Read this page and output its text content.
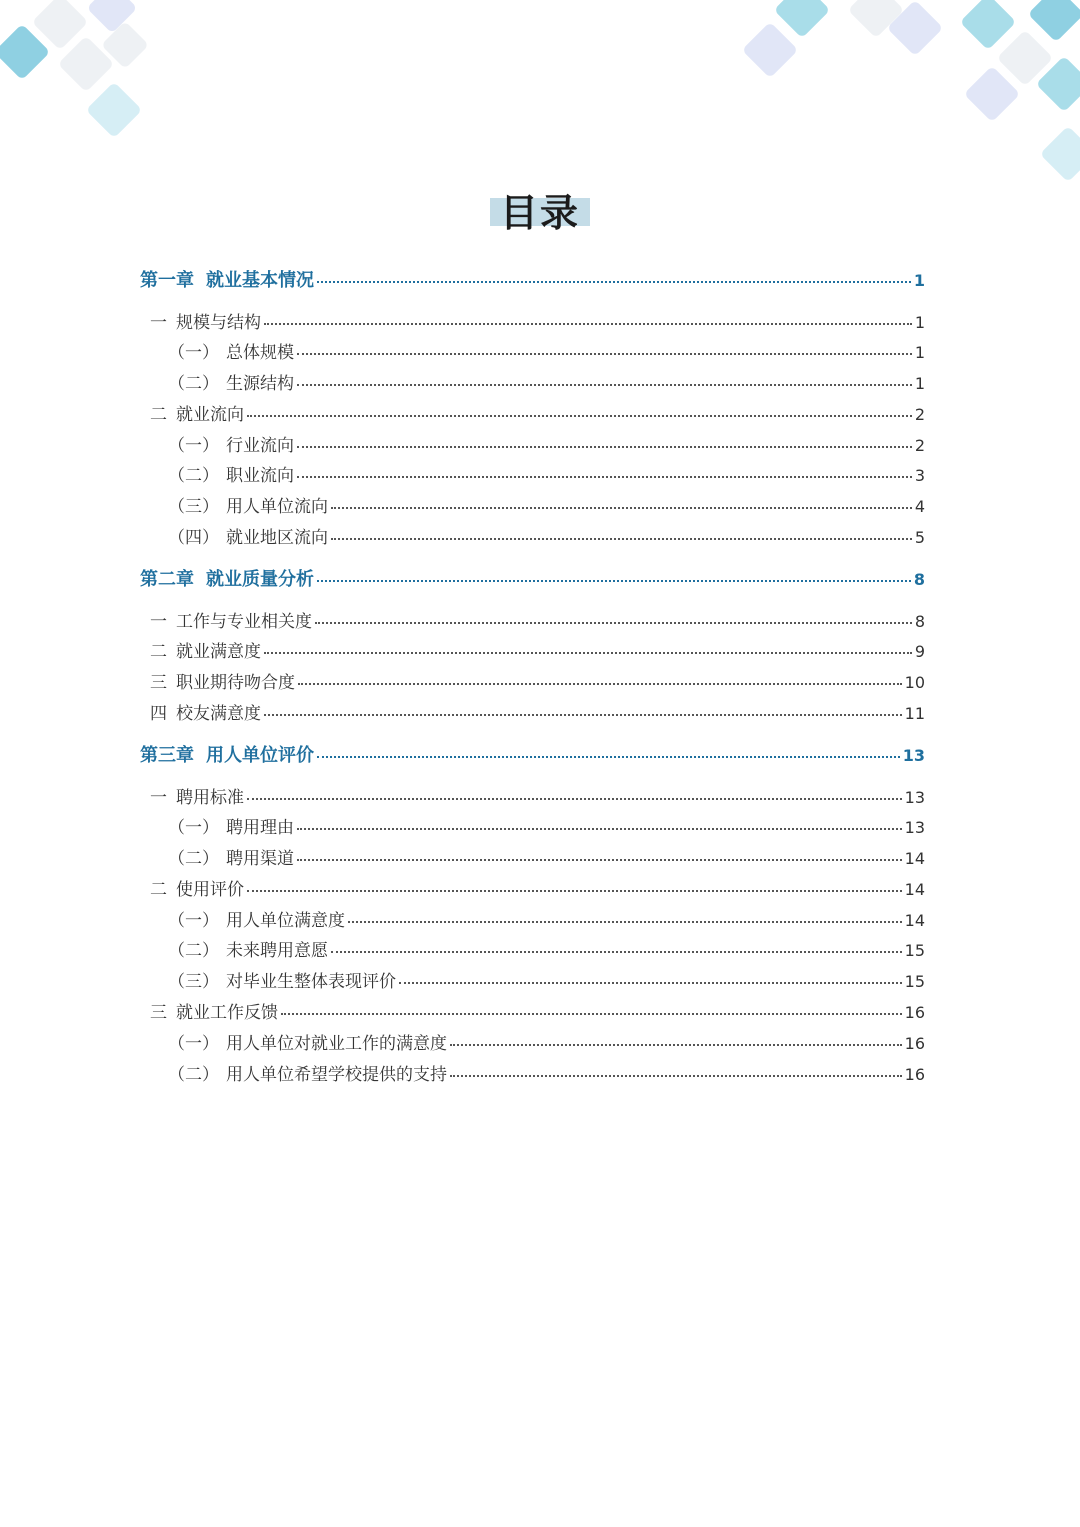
目录
第一章 就业基本情况	1
一 规模与结构	1
（一） 总体规模	1
（二） 生源结构	1
二 就业流向	2
（一） 行业流向	2
（二） 职业流向	3
（三） 用人单位流向	4
（四） 就业地区流向	5
第二章 就业质量分析	8
一 工作与专业相关度	8
二 就业满意度	9
三 职业期待吻合度	10
四 校友满意度	11
第三章 用人单位评价	13
一 聘用标准	13
（一） 聘用理由	13
（二） 聘用渠道	14
二 使用评价	14
（一） 用人单位满意度	14
（二） 未来聘用意愿	15
（三） 对毕业生整体表现评价	15
三 就业工作反馈	16
（一） 用人单位对就业工作的满意度	16
（二） 用人单位希望学校提供的支持	16
